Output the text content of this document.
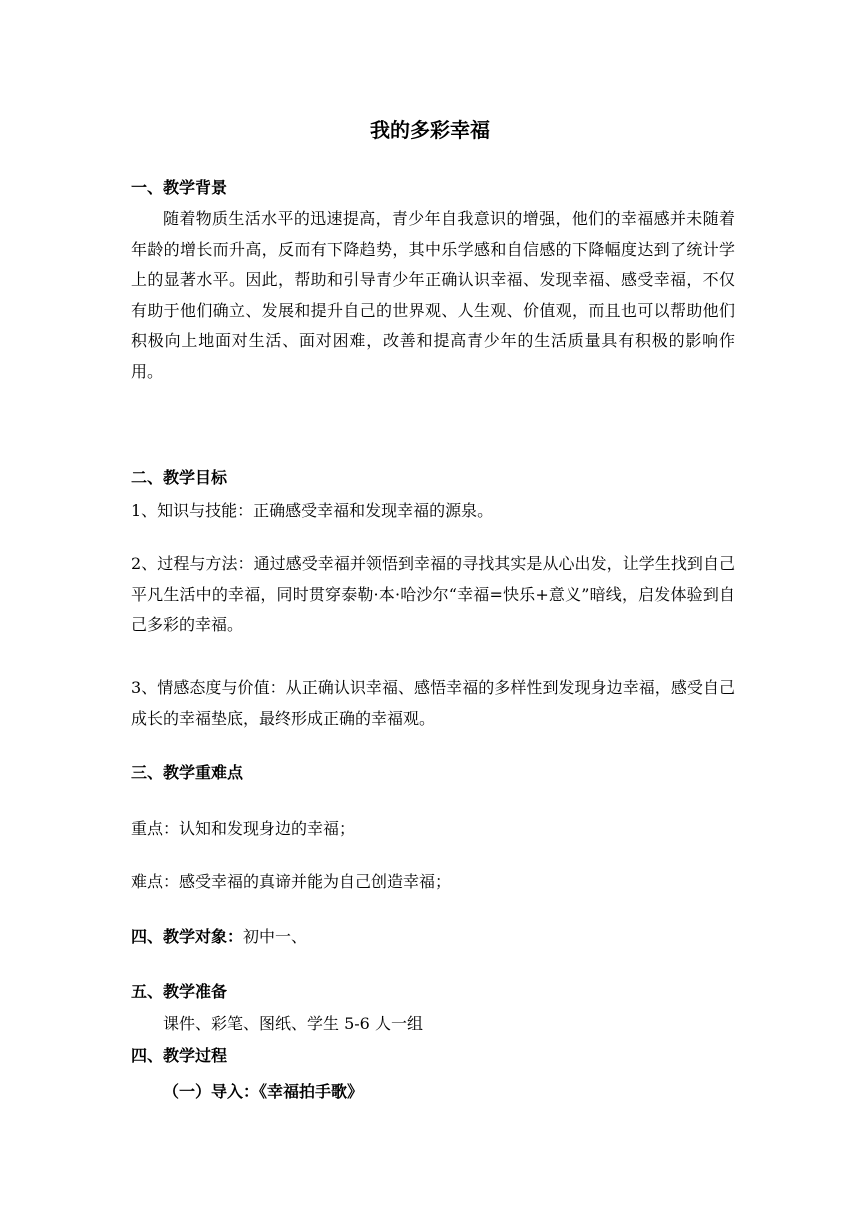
我的多彩幸福
一、教学背景
随着物质生活水平的迅速提高，青少年自我意识的增强，他们的幸福感并未随着年龄的增长而升高，反而有下降趋势，其中乐学感和自信感的下降幅度达到了统计学上的显著水平。因此，帮助和引导青少年正确认识幸福、发现幸福、感受幸福，不仅有助于他们确立、发展和提升自己的世界观、人生观、价值观，而且也可以帮助他们积极向上地面对生活、面对困难，改善和提高青少年的生活质量具有积极的影响作用。
二、教学目标
1、知识与技能：正确感受幸福和发现幸福的源泉。
2、过程与方法：通过感受幸福并领悟到幸福的寻找其实是从心出发，让学生找到自己平凡生活中的幸福，同时贯穿泰勒·本·哈沙尔“幸福=快乐+意义”暗线，启发体验到自己多彩的幸福。
3、情感态度与价值：从正确认识幸福、感悟幸福的多样性到发现身边幸福，感受自己成长的幸福垫底，最终形成正确的幸福观。
三、教学重难点
重点：认知和发现身边的幸福；
难点：感受幸福的真谛并能为自己创造幸福；
四、教学对象：初中一、
五、教学准备
课件、彩笔、图纸、学生 5-6 人一组
四、教学过程
（一）导入：《幸福拍手歌》
